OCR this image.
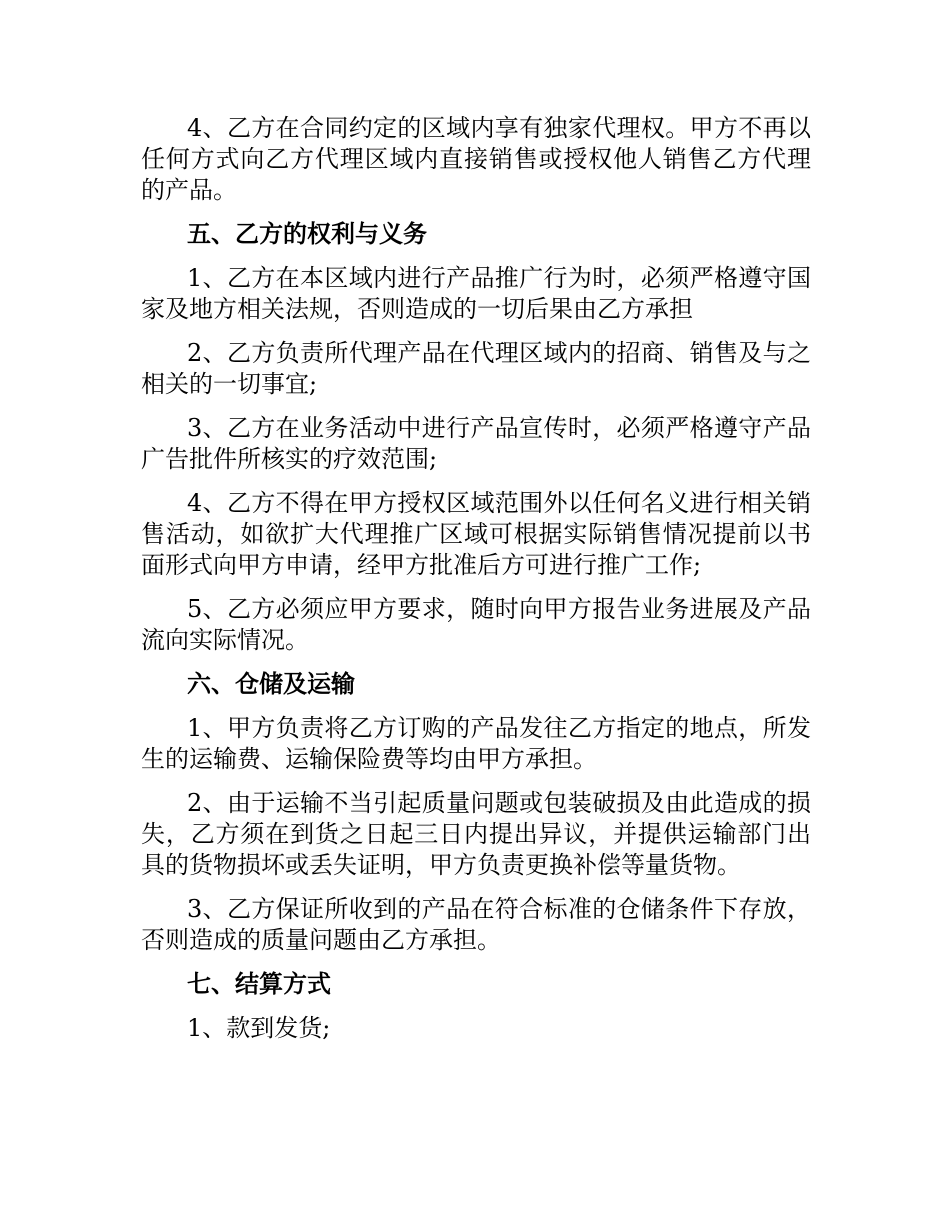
4、乙方在合同约定的区域内享有独家代理权。甲方不再以任何方式向乙方代理区域内直接销售或授权他人销售乙方代理的产品。

五、乙方的权利与义务

1、乙方在本区域内进行产品推广行为时，必须严格遵守国家及地方相关法规，否则造成的一切后果由乙方承担

2、乙方负责所代理产品在代理区域内的招商、销售及与之相关的一切事宜;

3、乙方在业务活动中进行产品宣传时，必须严格遵守产品广告批件所核实的疗效范围;

4、乙方不得在甲方授权区域范围外以任何名义进行相关销售活动，如欲扩大代理推广区域可根据实际销售情况提前以书面形式向甲方申请，经甲方批准后方可进行推广工作;

5、乙方必须应甲方要求，随时向甲方报告业务进展及产品流向实际情况。

六、仓储及运输

1、甲方负责将乙方订购的产品发往乙方指定的地点，所发生的运输费、运输保险费等均由甲方承担。

2、由于运输不当引起质量问题或包装破损及由此造成的损失，乙方须在到货之日起三日内提出异议，并提供运输部门出具的货物损坏或丢失证明，甲方负责更换补偿等量货物。

3、乙方保证所收到的产品在符合标准的仓储条件下存放，否则造成的质量问题由乙方承担。

七、结算方式

1、款到发货;
